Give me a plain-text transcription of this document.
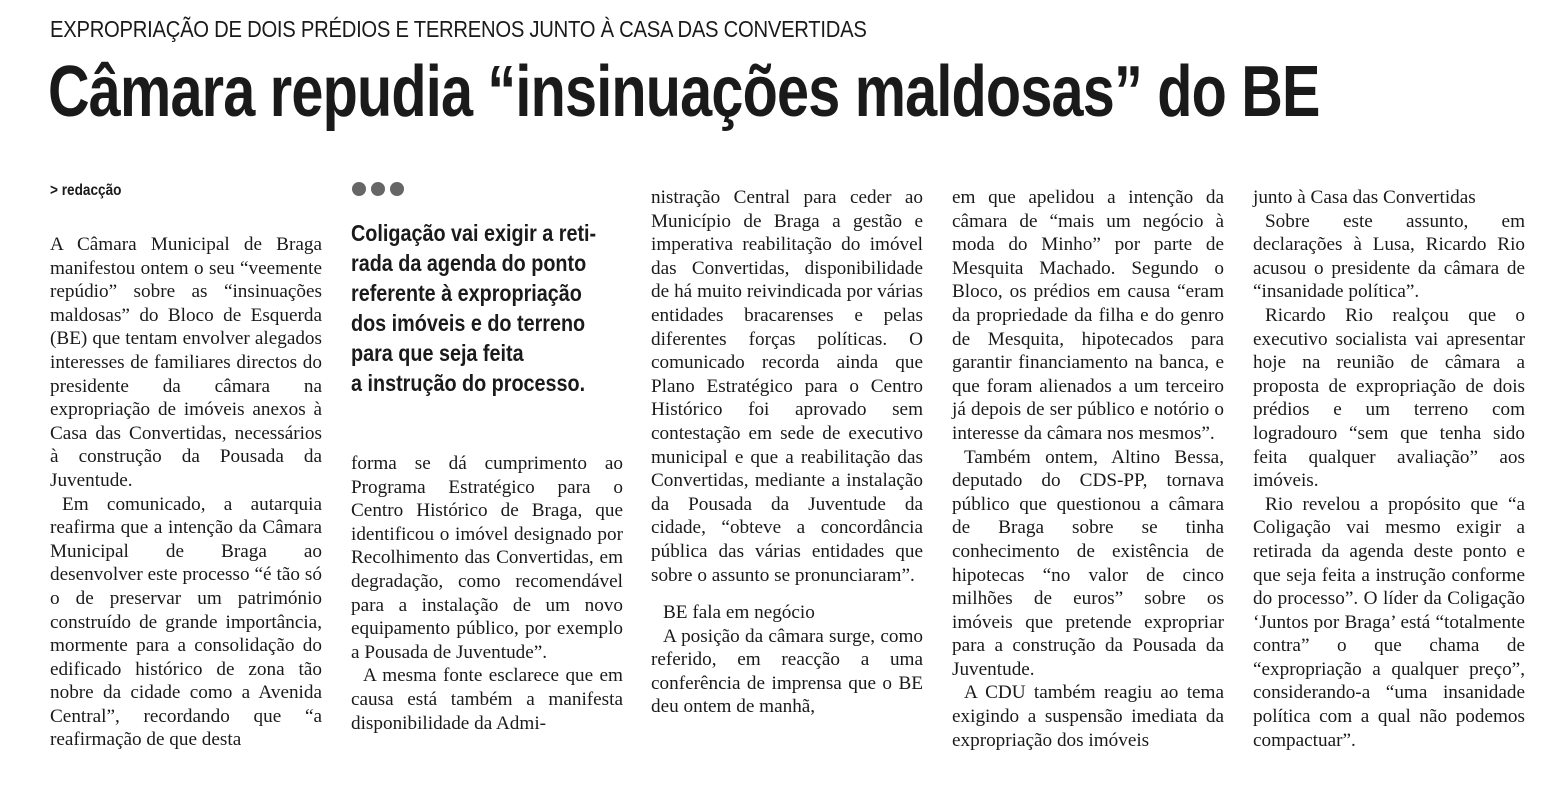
EXPROPRIAÇÃO DE DOIS PRÉDIOS E TERRENOS JUNTO À CASA DAS CONVERTIDAS
Câmara repudia “insinuações maldosas” do BE
> redacção
Coligação vai exigir a reti-
rada da agenda do ponto
referente à expropriação
dos imóveis e do terreno
para que seja feita
a instrução do processo.

A Câmara Municipal de Braga manifestou ontem o seu “veemente repúdio” sobre as “insinuações maldosas” do Bloco de Esquerda (BE) que tentam envolver alegados interesses de familiares directos do presidente da câmara na expropriação de imóveis anexos à Casa das Convertidas, necessários à construção da Pousada da Juventude.

Em comunicado, a autarquia reafirma que a intenção da Câmara Municipal de Braga ao desenvolver este processo “é tão só o de preservar um património construído de grande importância, mormente para a consolidação do edificado histórico de zona tão nobre da cidade como a Avenida Central”, recordando que “a reafirmação de que desta

forma se dá cumprimento ao Programa Estratégico para o Centro Histórico de Braga, que identificou o imóvel designado por Recolhimento das Convertidas, em degradação, como recomendável para a instalação de um novo equipamento público, por exemplo a Pousada de Juventude”.

A mesma fonte esclarece que em causa está também a manifesta disponibilidade da Admi-

nistração Central para ceder ao Município de Braga a gestão e imperativa reabilitação do imóvel das Convertidas, disponibilidade de há muito reivindicada por várias entidades bracarenses e pelas diferentes forças políticas. O comunicado recorda ainda que Plano Estratégico para o Centro Histórico foi aprovado sem contestação em sede de executivo municipal e que a reabilitação das Convertidas, mediante a instalação da Pousada da Juventude da cidade, “obteve a concordância pública das várias entidades que sobre o assunto se pronunciaram”.

BE fala em negócio

A posição da câmara surge, como referido, em reacção a uma conferência de imprensa que o BE deu ontem de manhã,

em que apelidou a intenção da câmara de “mais um negócio à moda do Minho” por parte de Mesquita Machado. Segundo o Bloco, os prédios em causa “eram da propriedade da filha e do genro de Mesquita, hipotecados para garantir financiamento na banca, e que foram alienados a um terceiro já depois de ser público e notório o interesse da câmara nos mesmos”.

Também ontem, Altino Bessa, deputado do CDS-PP, tornava público que questionou a câmara de Braga sobre se tinha conhecimento de existência de hipotecas “no valor de cinco milhões de euros” sobre os imóveis que pretende expropriar para a construção da Pousada da Juventude.

A CDU também reagiu ao tema exigindo a suspensão imediata da expropriação dos imóveis

junto à Casa das Convertidas

Sobre este assunto, em declarações à Lusa, Ricardo Rio acusou o presidente da câmara de “insanidade política”.

Ricardo Rio realçou que o executivo socialista vai apresentar hoje na reunião de câmara a proposta de expropriação de dois prédios e um terreno com logradouro “sem que tenha sido feita qualquer avaliação” aos imóveis.

Rio revelou a propósito que “a Coligação vai mesmo exigir a retirada da agenda deste ponto e que seja feita a instrução conforme do processo”. O líder da Coligação ‘Juntos por Braga’ está “totalmente contra” o que chama de “expropriação a qualquer preço”, considerando-a “uma insanidade política com a qual não podemos compactuar”.
